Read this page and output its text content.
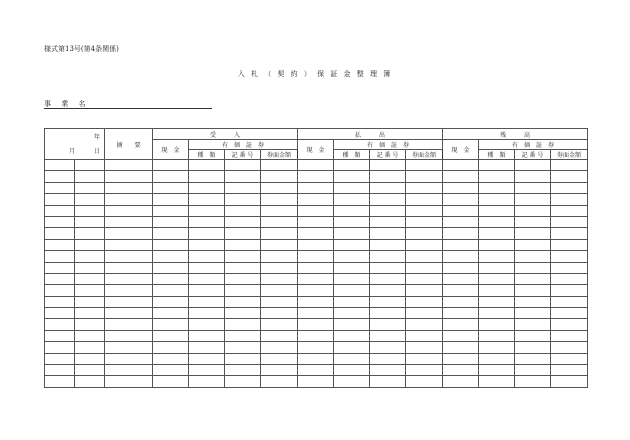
様式第13号(第4条関係)
入 札 （ 契 約 ） 保 証 金 整 理 簿
事 業 名
年
月 日		摘　　要	受　　　入				払　　　出				残　　　高			
			現　金	有　価　証　券			現　金	有　価　証　券			現　金	有　価　証　券		
				種　類	記 番 号	券面金額		種　類	記 番 号	券面金額		種　類	記 番 号	券面金額
